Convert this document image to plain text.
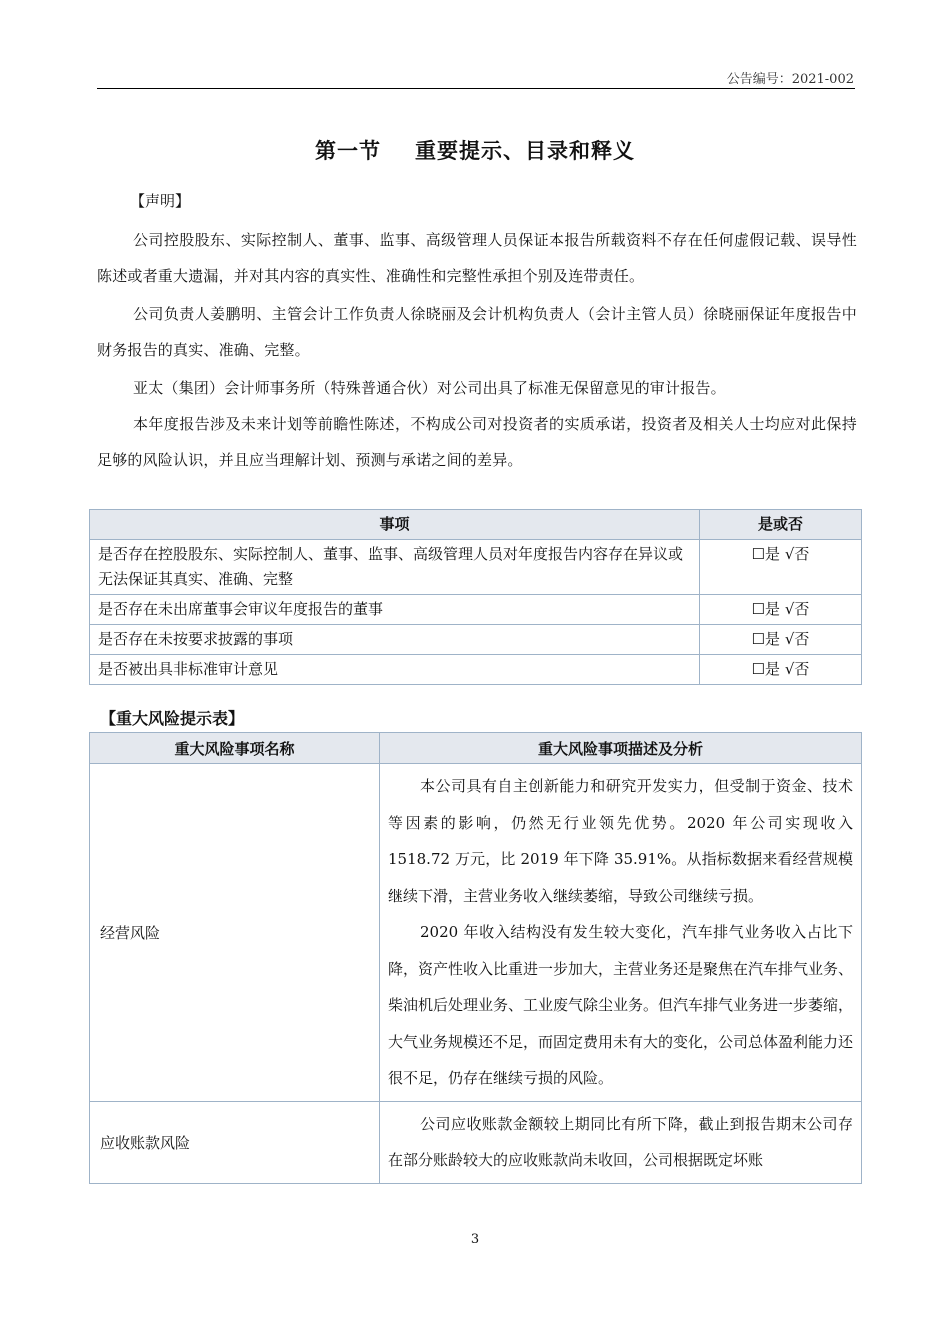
公告编号：2021-002
第一节 重要提示、目录和释义
【声明】
公司控股股东、实际控制人、董事、监事、高级管理人员保证本报告所载资料不存在任何虚假记载、误导性陈述或者重大遗漏，并对其内容的真实性、准确性和完整性承担个别及连带责任。
公司负责人姜鹏明、主管会计工作负责人徐晓丽及会计机构负责人（会计主管人员）徐晓丽保证年度报告中财务报告的真实、准确、完整。
亚太（集团）会计师事务所（特殊普通合伙）对公司出具了标准无保留意见的审计报告。
本年度报告涉及未来计划等前瞻性陈述，不构成公司对投资者的实质承诺，投资者及相关人士均应对此保持足够的风险认识，并且应当理解计划、预测与承诺之间的差异。
事项	是或否
是否存在控股股东、实际控制人、董事、监事、高级管理人员对年度报告内容存在异议或无法保证其真实、准确、完整	☐是 √否
是否存在未出席董事会审议年度报告的董事	☐是 √否
是否存在未按要求披露的事项	☐是 √否
是否被出具非标准审计意见	☐是 √否
【重大风险提示表】
重大风险事项名称	重大风险事项描述及分析
经营风险	本公司具有自主创新能力和研究开发实力，但受制于资金、技术等因素的影响，仍然无行业领先优势。2020 年公司实现收入 1518.72 万元，比 2019 年下降 35.91%。从指标数据来看经营规模继续下滑，主营业务收入继续萎缩，导致公司继续亏损。

2020 年收入结构没有发生较大变化，汽车排气业务收入占比下降，资产性收入比重进一步加大，主营业务还是聚焦在汽车排气业务、柴油机后处理业务、工业废气除尘业务。但汽车排气业务进一步萎缩，大气业务规模还不足，而固定费用未有大的变化，公司总体盈利能力还很不足，仍存在继续亏损的风险。

应收账款风险	公司应收账款金额较上期同比有所下降，截止到报告期末公司存在部分账龄较大的应收账款尚未收回，公司根据既定坏账

3
